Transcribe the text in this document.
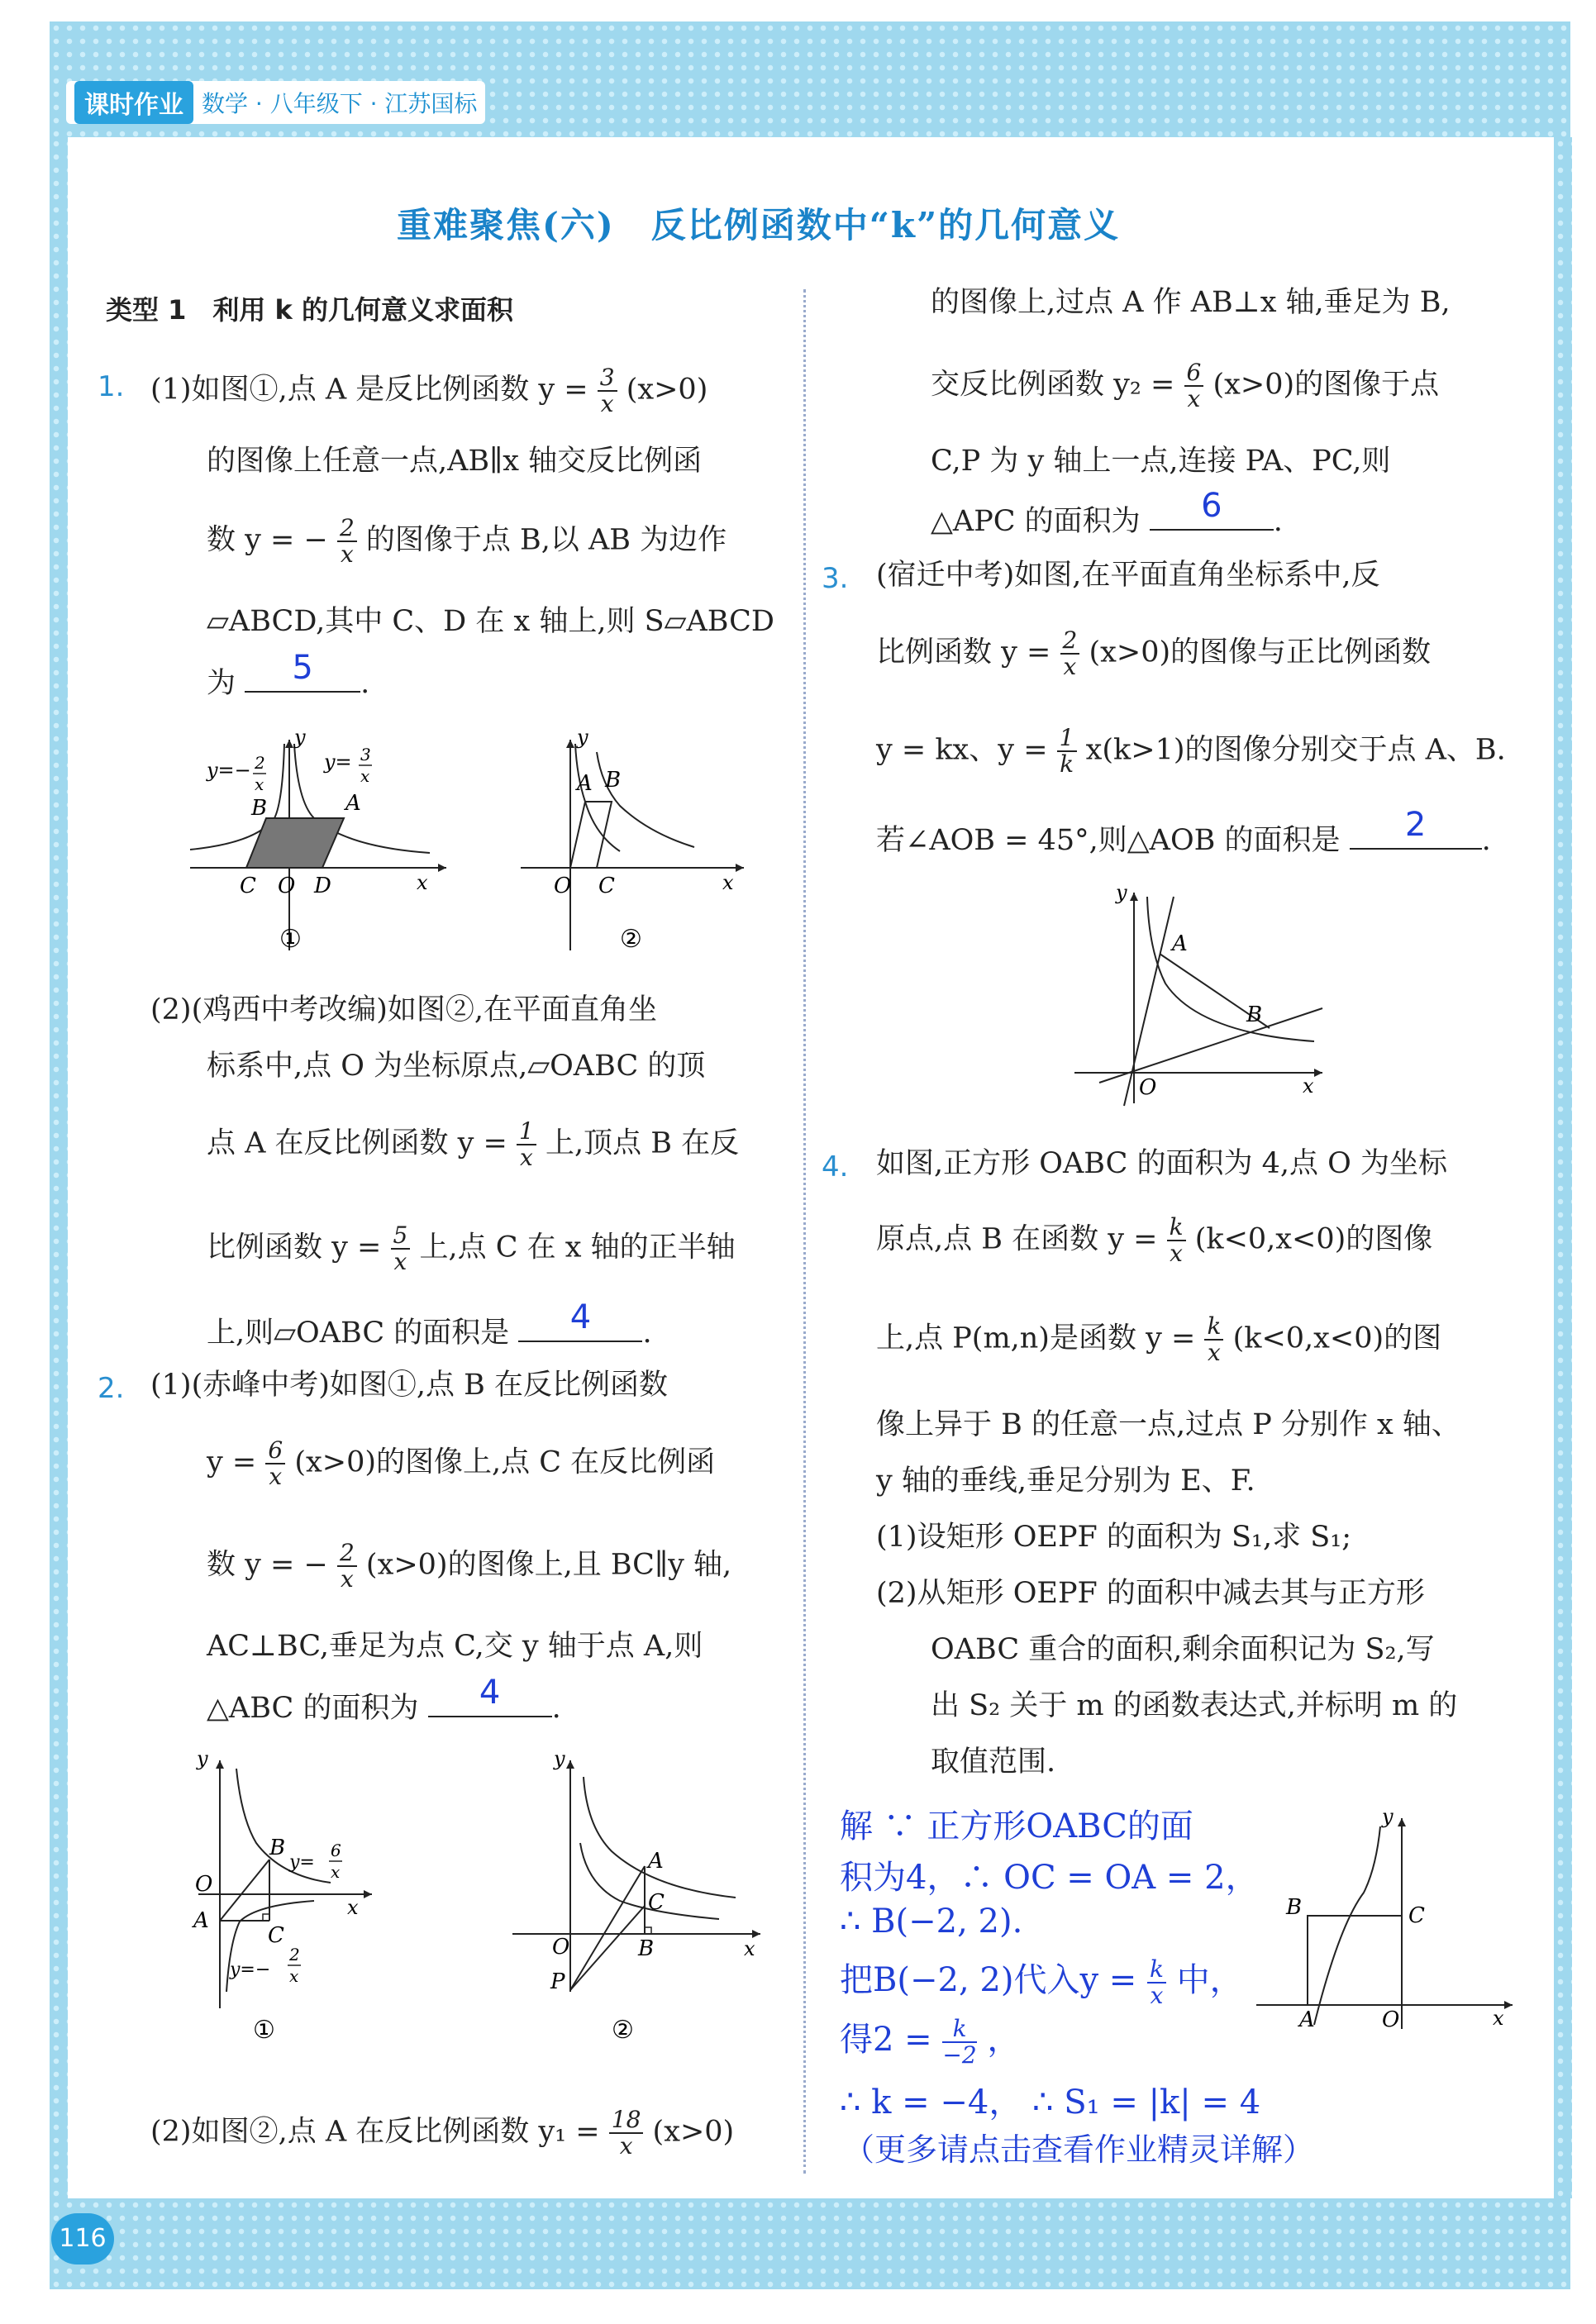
课时作业 数学 · 八年级下 · 江苏国标
重难聚焦(六)　反比例函数中“k”的几何意义
类型 1　利用 k 的几何意义求面积
1. (1)如图①,点 A 是反比例函数 $y = \frac{3}{x} (x>0)$
的图像上任意一点,AB∥x 轴交反比例函
数 y = − $\frac{2}{x}$ 的图像于点 B,以 AB 为边作
▱ABCD,其中 C、D 在 x 轴上,则 S▱ABCD
为	5	.
y=− 2
x
y= 3
x
y
B	A
C O D	x
①
y
A B
O C	x
②
(2)(鸡西中考改编)如图②,在平面直角坐
标系中,点 O 为坐标原点,▱OABC 的顶
点 A 在反比例函数 $y = \frac{1}{x}$ 上,顶点 B 在反
比例函数 $y = \frac{5}{x}$ 上,点 C 在 x 轴的正半轴
上,则▱OABC 的面积是	4	.
2. (1)(赤峰中考)如图①,点 B 在反比例函数
$y = \frac{6}{x} (x>0)$的图像上,点 C 在反比例函
数 y = − $\frac{2}{x} (x>0)$的图像上,且 BC∥y 轴,
AC⊥BC,垂足为点 C,交 y 轴于点 A,则
△ABC 的面积为	4	.
y
B
y=
6
x
O
A
C
y=−
2
x
x
①
y
A
C
O	B
P
x
②
(2)如图②,点 A 在反比例函数 $y_1 = \frac{18}{x} (x>0)$
的图像上,过点 A 作 AB⊥x 轴,垂足为 B,
交反比例函数 $y_2 = \frac{6}{x} (x>0)$的图像于点
C,P 为 y 轴上一点,连接 PA、PC,则
△APC 的面积为	6	.
3. (宿迁中考)如图,在平面直角坐标系中,反
比例函数 $y = \frac{2}{x} (x>0)$的图像与正比例函数
y = kx、$y = \frac{1}{k} x(k>1)$的图像分别交于点 A、B.
若∠AOB = 45°,则△AOB 的面积是	2	.
y
A
B
O	x
4. 如图,正方形 OABC 的面积为 4,点 O 为坐标
原点,点 B 在函数 $y = \frac{k}{x} (k<0,x<0)$的图像
上,点 P(m,n)是函数 $y = \frac{k}{x} (k<0,x<0)$的图
像上异于 B 的任意一点,过点 P 分别作 x 轴、
y 轴的垂线,垂足分别为 E、F.
(1)设矩形 OEPF 的面积为 S₁,求 S₁;
(2)从矩形 OEPF 的面积中减去其与正方形
OABC 重合的面积,剩余面积记为 S₂,写
出 S₂ 关于 m 的函数表达式,并标明 m 的
取值范围.
解 ∵ 正方形OABC的面
积为4，∴ OC = OA = 2，
∴ B(−2, 2).
把B(−2, 2)代入$y = \frac{k}{x}$ 中，
得$2 = \frac{k}{-2}$ ，
∴ k = −4， ∴ S₁ = |k| = 4
（更多请点击查看作业精灵详解）
y
B	C
A	O	x
116
